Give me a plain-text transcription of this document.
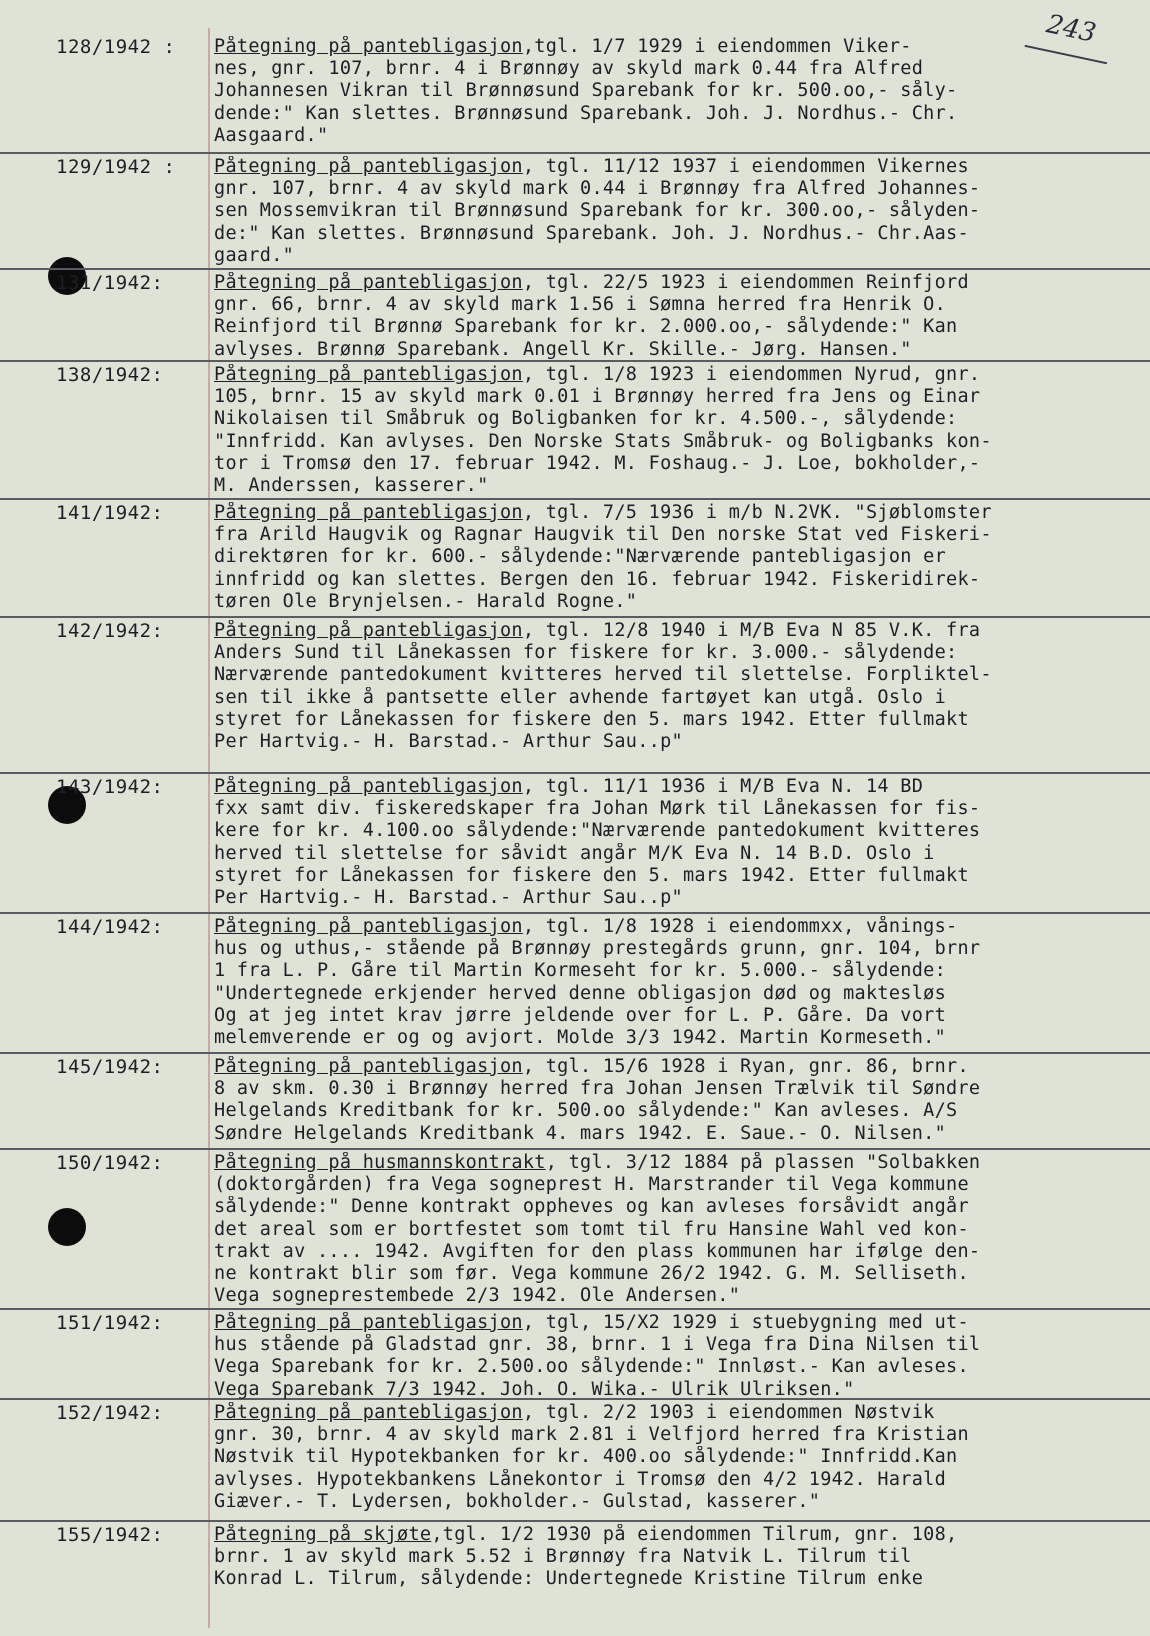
243
128/1942 : Påtegning på pantebligasjon,tgl. 1/7 1929 i eiendommen Viker-
nes, gnr. 107, brnr. 4 i Brønnøy av skyld mark 0.44 fra Alfred
Johannesen Vikran til Brønnøsund Sparebank for kr. 500.oo,- såly-
dende:" Kan slettes. Brønnøsund Sparebank. Joh. J. Nordhus.- Chr.
Aasgaard."
129/1942 : Påtegning på pantebligasjon, tgl. 11/12 1937 i eiendommen Vikernes
gnr. 107, brnr. 4 av skyld mark 0.44 i Brønnøy fra Alfred Johannes-
sen Mossemvikran til Brønnøsund Sparebank for kr. 300.oo,- sålyden-
de:" Kan slettes. Brønnøsund Sparebank. Joh. J. Nordhus.- Chr.Aas-
gaard."
131/1942:	Påtegning på pantebligasjon, tgl. 22/5 1923 i eiendommen Reinfjord
gnr. 66, brnr. 4 av skyld mark 1.56 i Sømna herred fra Henrik O.
Reinfjord til Brønnø Sparebank for kr. 2.000.oo,- sålydende:" Kan
avlyses. Brønnø Sparebank. Angell Kr. Skille.- Jørg. Hansen."
138/1942:	Påtegning på pantebligasjon, tgl. 1/8 1923 i eiendommen Nyrud, gnr.
105, brnr. 15 av skyld mark 0.01 i Brønnøy herred fra Jens og Einar
Nikolaisen til Småbruk og Boligbanken for kr. 4.500.-, sålydende:
"Innfridd. Kan avlyses. Den Norske Stats Småbruk- og Boligbanks kon-
tor i Tromsø den 17. februar 1942. M. Foshaug.- J. Loe, bokholder,-
M. Anderssen, kasserer."
141/1942:	Påtegning på pantebligasjon, tgl. 7/5 1936 i m/b N.2VK. "Sjøblomster
fra Arild Haugvik og Ragnar Haugvik til Den norske Stat ved Fiskeri-
direktøren for kr. 600.- sålydende:"Nærværende pantebligasjon er
innfridd og kan slettes. Bergen den 16. februar 1942. Fiskeridirek-
tøren Ole Brynjelsen.- Harald Rogne."
142/1942:	Påtegning på pantebligasjon, tgl. 12/8 1940 i M/B Eva N 85 V.K. fra
Anders Sund til Lånekassen for fiskere for kr. 3.000.- sålydende:
Nærværende pantedokument kvitteres herved til slettelse. Forpliktel-
sen til ikke å pantsette eller avhende fartøyet kan utgå. Oslo i
styret for Lånekassen for fiskere den 5. mars 1942. Etter fullmakt
Per Hartvig.- H. Barstad.- Arthur Sau..p"
143/1942:	Påtegning på pantebligasjon, tgl. 11/1 1936 i M/B Eva N. 14 BD
fxx samt div. fiskeredskaper fra Johan Mørk til Lånekassen for fis-
kere for kr. 4.100.oo sålydende:"Nærværende pantedokument kvitteres
herved til slettelse for såvidt angår M/K Eva N. 14 B.D. Oslo i
styret for Lånekassen for fiskere den 5. mars 1942. Etter fullmakt
Per Hartvig.- H. Barstad.- Arthur Sau..p"
144/1942:	Påtegning på pantebligasjon, tgl. 1/8 1928 i eiendommxx, vånings-
hus og uthus,- stående på Brønnøy prestegårds grunn, gnr. 104, brnr
1 fra L. P. Gåre til Martin Kormeseht for kr. 5.000.- sålydende:
"Undertegnede erkjender herved denne obligasjon død og maktesløs
Og at jeg intet krav jørre jeldende over for L. P. Gåre. Da vort
melemverende er og og avjort. Molde 3/3 1942. Martin Kormeseth."
145/1942:	Påtegning på pantebligasjon, tgl. 15/6 1928 i Ryan, gnr. 86, brnr.
8 av skm. 0.30 i Brønnøy herred fra Johan Jensen Trælvik til Søndre
Helgelands Kreditbank for kr. 500.oo sålydende:" Kan avleses. A/S
Søndre Helgelands Kreditbank 4. mars 1942. E. Saue.- O. Nilsen."
150/1942:	Påtegning på husmannskontrakt, tgl. 3/12 1884 på plassen "Solbakken
(doktorgården) fra Vega sogneprest H. Marstrander til Vega kommune
sålydende:" Denne kontrakt oppheves og kan avleses forsåvidt angår
det areal som er bortfestet som tomt til fru Hansine Wahl ved kon-
trakt av .... 1942. Avgiften for den plass kommunen har ifølge den-
ne kontrakt blir som før. Vega kommune 26/2 1942. G. M. Selliseth.
Vega sogneprestembede 2/3 1942. Ole Andersen."
151/1942:	Påtegning på pantebligasjon, tgl, 15/X2 1929 i stuebygning med ut-
hus stående på Gladstad gnr. 38, brnr. 1 i Vega fra Dina Nilsen til
Vega Sparebank for kr. 2.500.oo sålydende:" Innløst.- Kan avleses.
Vega Sparebank 7/3 1942. Joh. O. Wika.- Ulrik Ulriksen."
152/1942:	Påtegning på pantebligasjon, tgl. 2/2 1903 i eiendommen Nøstvik
gnr. 30, brnr. 4 av skyld mark 2.81 i Velfjord herred fra Kristian
Nøstvik til Hypotekbanken for kr. 400.oo sålydende:" Innfridd.Kan
avlyses. Hypotekbankens Lånekontor i Tromsø den 4/2 1942. Harald
Giæver.- T. Lydersen, bokholder.- Gulstad, kasserer."
155/1942:	Påtegning på skjøte,tgl. 1/2 1930 på eiendommen Tilrum, gnr. 108,
brnr. 1 av skyld mark 5.52 i Brønnøy fra Natvik L. Tilrum til
Konrad L. Tilrum, sålydende: Undertegnede Kristine Tilrum enke
